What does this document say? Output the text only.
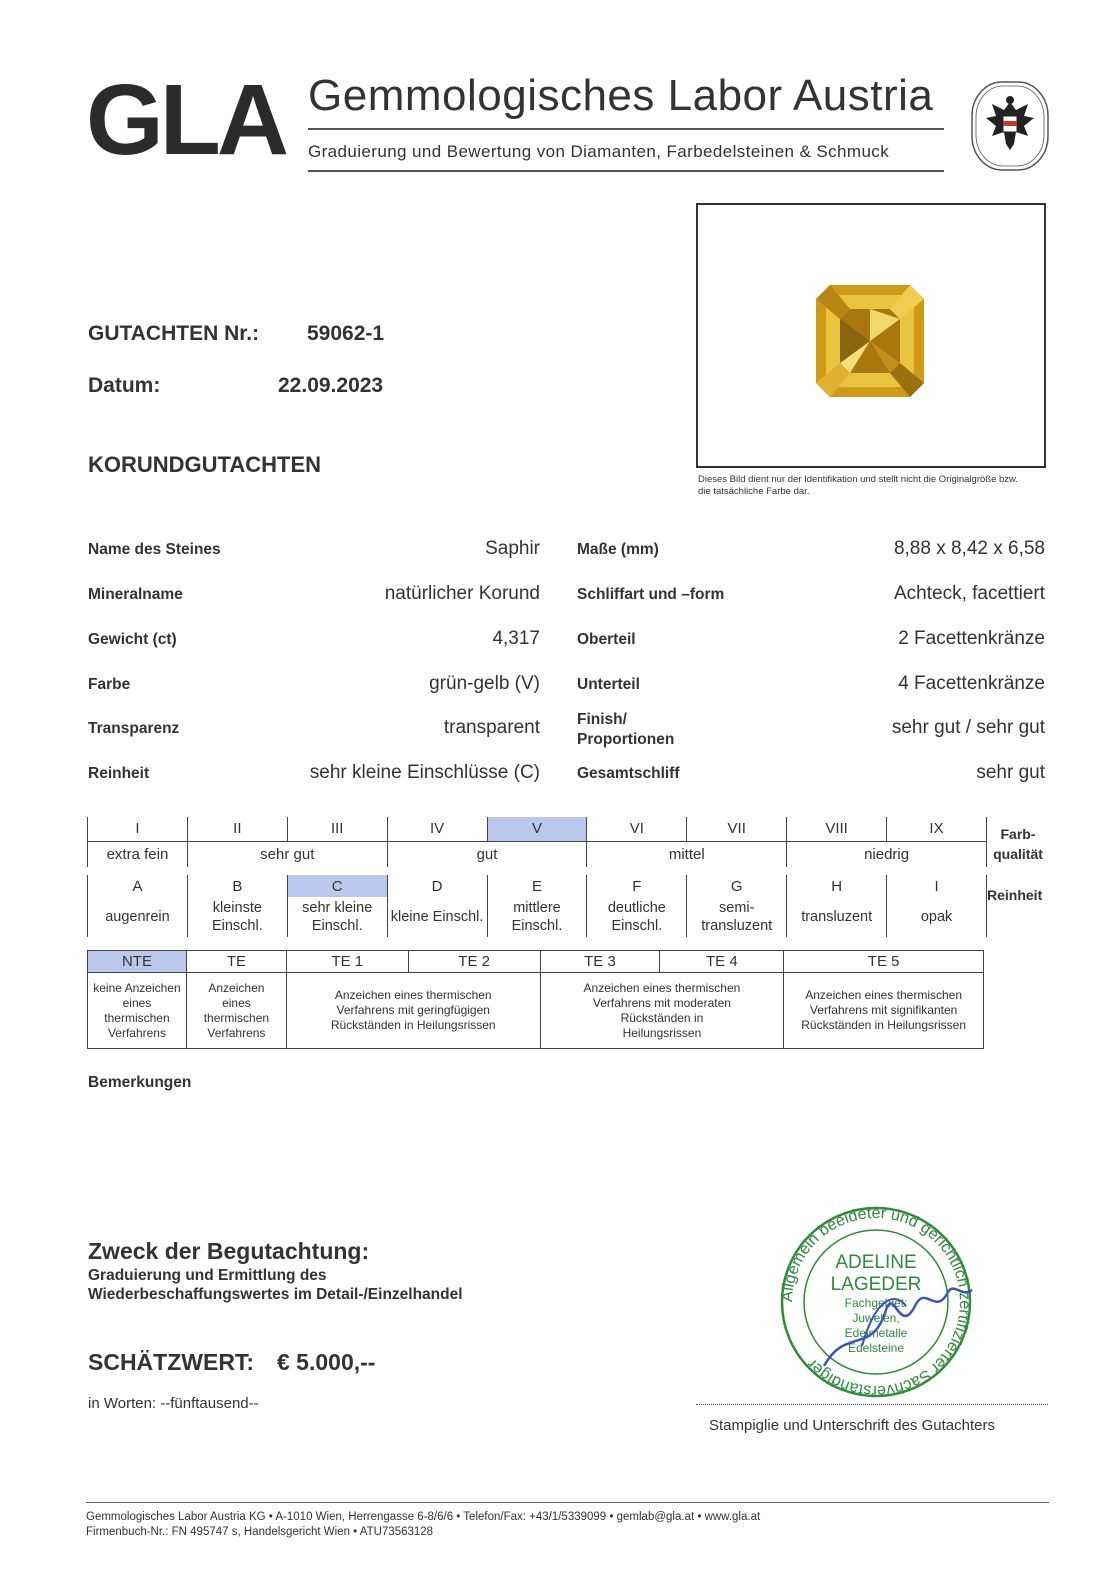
GLA Gemmologisches Labor Austria
Graduierung und Bewertung von Diamanten, Farbedelsteinen & Schmuck
Dieses Bild dient nur der Identifikation und stellt nicht die Originalgröße bzw. die tatsächliche Farbe dar.
GUTACHTEN Nr.: 59062-1
Datum:	22.09.2023
KORUNDGUTACHTEN
Name des Steines	Saphir
Mineralname	natürlicher Korund
Gewicht (ct)	4,317
Farbe	grün-gelb (V)
Transparenz	transparent
Reinheit	sehr kleine Einschlüsse (C)
Maße (mm)	8,88 x 8,42 x 6,58
Schliffart und –form	Achteck, facettiert
Oberteil	2 Facettenkränze
Unterteil	4 Facettenkränze
Finish/ Proportionen
sehr gut / sehr gut
Gesamtschliff	sehr gut
I	II	III	IV	V	VI	VII	VIII	IX
extra fein	sehr gut		gut		mittel		niedrig	
Farb-qualität
A	B	C	D	E	F	G	H	I
augenrein	kleinste Einschl.	sehr kleine Einschl.	kleine Einschl.	mittlere Einschl.	deutliche Einschl.	semi-transluzent	transluzent	opak
Reinheit
NTE	TE	TE 1	TE 2	TE 3	TE 4	TE 5
keine Anzeichen eines thermischen Verfahrens	Anzeichen eines thermischen Verfahrens	Anzeichen eines thermischen Verfahrens mit geringfügigen Rückständen in Heilungsrissen		Anzeichen eines thermischen Verfahrens mit moderaten Rückständen in Heilungsrissen		Anzeichen eines thermischen Verfahrens mit signifikanten Rückständen in Heilungsrissen
Bemerkungen
Zweck der Begutachtung:
Graduierung und Ermittlung des
Wiederbeschaffungswertes im Detail-/Einzelhandel
SCHÄTZWERT: € 5.000,--
in Worten: --fünftausend--
Allgemein beeideter und gerichtlich zertifizierter Sachverständiger
ADELINE
LAGEDER
Fachgebiet: Juwelen, Edelmetalle Edelsteine
Stampiglie und Unterschrift des Gutachters
Gemmologisches Labor Austria KG • A-1010 Wien, Herrengasse 6-8/6/6 • Telefon/Fax: +43/1/5339099 • gemlab@gla.at • www.gla.at
Firmenbuch-Nr.: FN 495747 s, Handelsgericht Wien • ATU73563128
